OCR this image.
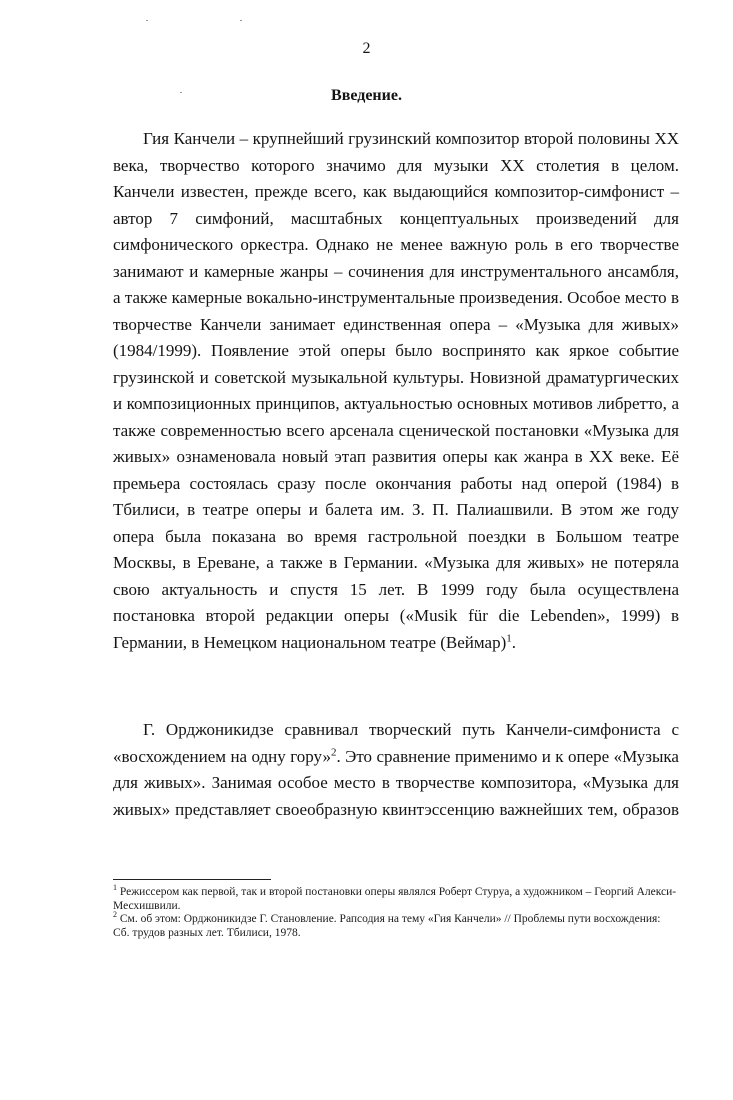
2
Введение.

Гия Канчели – крупнейший грузинский композитор второй половины XX
века, творчество которого значимо для музыки XX столетия в целом.
Канчели известен, прежде всего, как выдающийся композитор-симфонист –
автор 7 симфоний, масштабных концептуальных произведений для
симфонического оркестра. Однако не менее важную роль в его творчестве
занимают и камерные жанры – сочинения для инструментального ансамбля,
а также камерные вокально-инструментальные произведения. Особое место в
творчестве Канчели занимает единственная опера – «Музыка для живых»
(1984/1999). Появление этой оперы было воспринято как яркое событие
грузинской и советской музыкальной культуры. Новизной драматургических
и композиционных принципов, актуальностью основных мотивов либретто, а
также современностью всего арсенала сценической постановки «Музыка для
живых» ознаменовала новый этап развития оперы как жанра в XX веке. Её
премьера состоялась сразу после окончания работы над оперой (1984) в
Тбилиси, в театре оперы и балета им. З. П. Палиашвили. В этом же году
опера была показана во время гастрольной поездки в Большом театре
Москвы, в Ереване, а также в Германии. «Музыка для живых» не потеряла
свою актуальность и спустя 15 лет. В 1999 году была осуществлена
постановка второй редакции оперы («Musik für die Lebenden», 1999) в
Германии, в Немецком национальном театре (Веймар)$^1$.

Г. Орджоникидзе сравнивал творческий путь Канчели-симфониста с
«восхождением на одну гору»$^2$. Это сравнение применимо и к опере «Музыка
для живых». Занимая особое место в творчестве композитора, «Музыка для
живых» представляет своеобразную квинтэссенцию важнейших тем, образов

$^1$ Режиссером как первой, так и второй постановки оперы являлся Роберт Стуруа, а художником – Георгий Алекси-Месхишвили.

$^2$ См. об этом: Орджоникидзе Г. Становление. Рапсодия на тему «Гия Канчели» // Проблемы пути восхождения: Сб. трудов разных лет. Тбилиси, 1978.
